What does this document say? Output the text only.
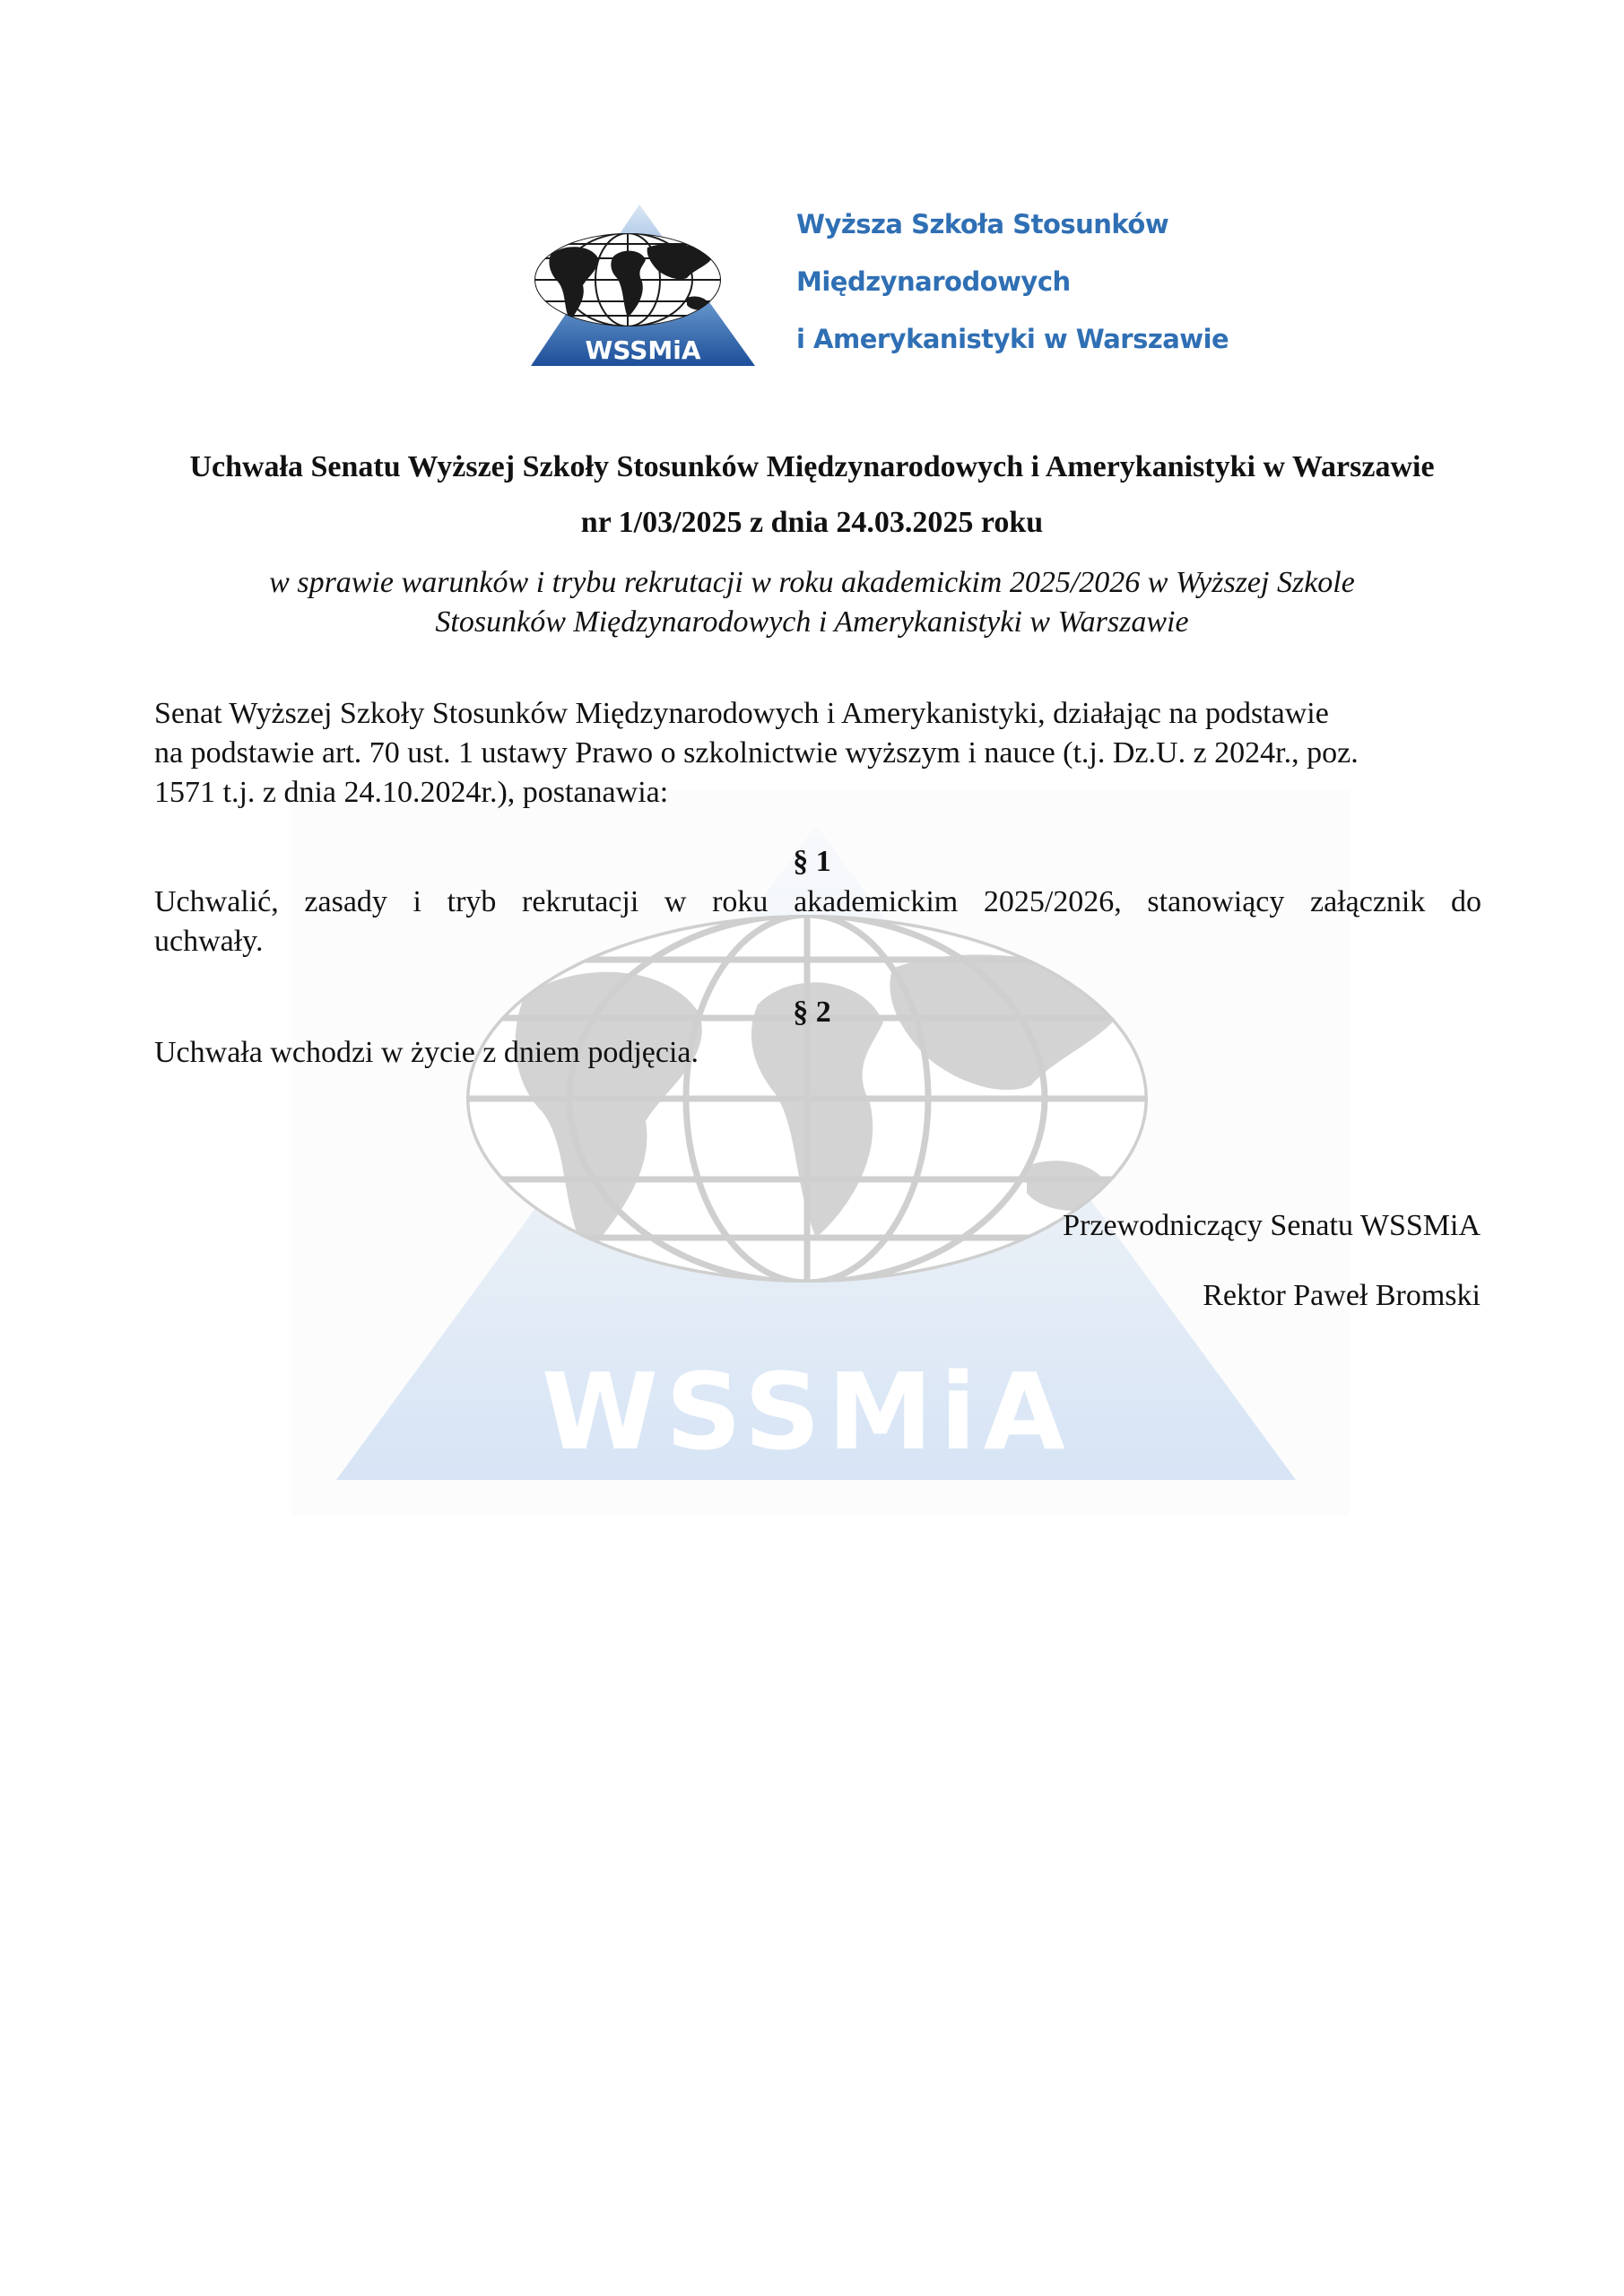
WSSMiA
Wyższa Szkoła Stosunków
Międzynarodowych
i Amerykanistyki w Warszawie
WSSMiA
Uchwała Senatu Wyższej Szkoły Stosunków Międzynarodowych i Amerykanistyki w Warszawie
nr 1/03/2025 z dnia 24.03.2025 roku
w sprawie warunków i trybu rekrutacji w roku akademickim 2025/2026 w Wyższej Szkole
Stosunków Międzynarodowych i Amerykanistyki w Warszawie
Senat Wyższej Szkoły Stosunków Międzynarodowych i Amerykanistyki, działając na podstawie
na podstawie art. 70 ust. 1 ustawy Prawo o szkolnictwie wyższym i nauce (t.j. Dz.U. z 2024r., poz.
1571 t.j. z dnia 24.10.2024r.), postanawia:
§ 1
Uchwalić, zasady i tryb rekrutacji w roku akademickim 2025/2026, stanowiący załącznik do
uchwały.
§ 2
Uchwała wchodzi w życie z dniem podjęcia.
Przewodniczący Senatu WSSMiA
Rektor Paweł Bromski
